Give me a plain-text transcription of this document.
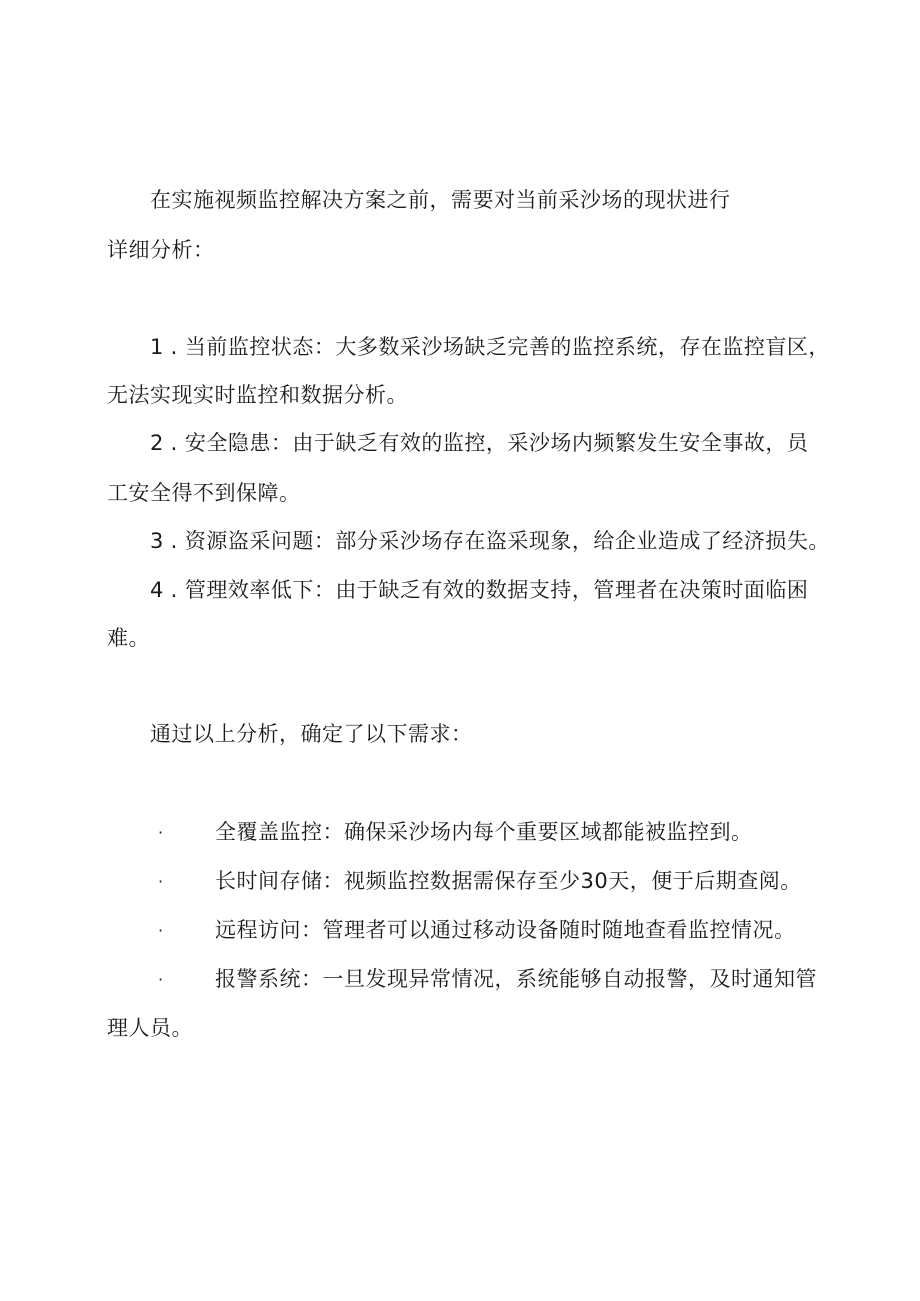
在实施视频监控解决方案之前，需要对当前采沙场的现状进行
详细分析：
1 . 当前监控状态：大多数采沙场缺乏完善的监控系统，存在监控盲区，
无法实现实时监控和数据分析。
2 . 安全隐患：由于缺乏有效的监控，采沙场内频繁发生安全事故，员
工安全得不到保障。
3 . 资源盗采问题：部分采沙场存在盗采现象，给企业造成了经济损失。
4 . 管理效率低下：由于缺乏有效的数据支持，管理者在决策时面临困
难。
通过以上分析，确定了以下需求：
· 全覆盖监控：确保采沙场内每个重要区域都能被监控到。
· 长时间存储：视频监控数据需保存至少30天，便于后期查阅。
· 远程访问：管理者可以通过移动设备随时随地查看监控情况。
· 报警系统：一旦发现异常情况，系统能够自动报警，及时通知管
理人员。
